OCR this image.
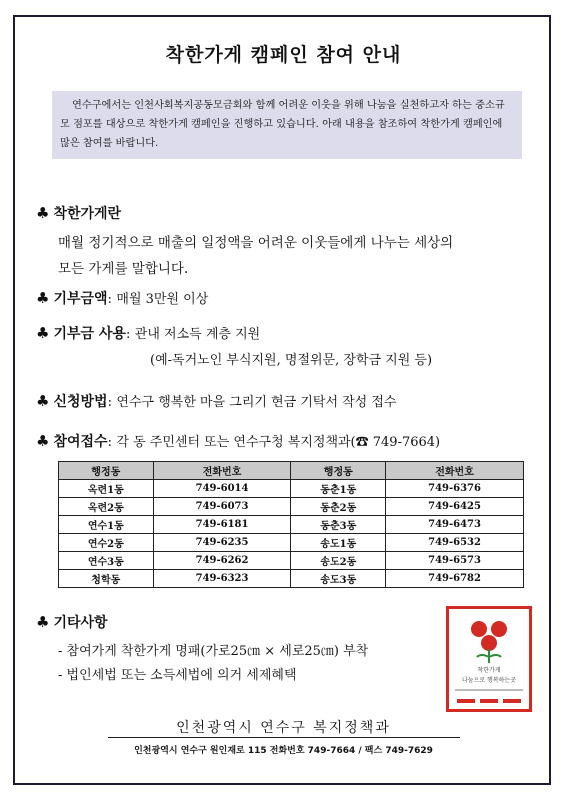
착한가게 캠페인 참여 안내
연수구에서는 인천사회복지공동모금회와 함께 어려운 이웃을 위해 나눔을 실천하고자 하는 중소규모 점포를 대상으로 착한가게 캠페인을 진행하고 있습니다. 아래 내용을 참조하여 착한가게 캠페인에 많은 참여를 바랍니다.
♣ 착한가게란
매월 정기적으로 매출의 일정액을 어려운 이웃들에게 나누는 세상의
모든 가게를 말합니다.
♣ 기부금액: 매월 3만원 이상
♣ 기부금 사용: 관내 저소득 계층 지원
(예-독거노인 부식지원, 명절위문, 장학금 지원 등)
♣ 신청방법: 연수구 행복한 마을 그리기 현금 기탁서 작성 접수
♣ 참여접수: 각 동 주민센터 또는 연수구청 복지정책과(☎ 749-7664)
행정동	전화번호	행정동	전화번호
옥련1동	749-6014	동춘1동	749-6376
옥련2동	749-6073	동춘2동	749-6425
연수1동	749-6181	동춘3동	749-6473
연수2동	749-6235	송도1동	749-6532
연수3동	749-6262	송도2동	749-6573
청학동	749-6323	송도3동	749-6782
♣ 기타사항
- 참여가게 착한가게 명패(가로25㎝ × 세로25㎝) 부착
- 법인세법 또는 소득세법에 의거 세제혜택	착한가게
나눔으로 행복하는곳
인천광역시 연수구 복지정책과
인천광역시 연수구 원인재로 115 전화번호 749-7664 / 팩스 749-7629
